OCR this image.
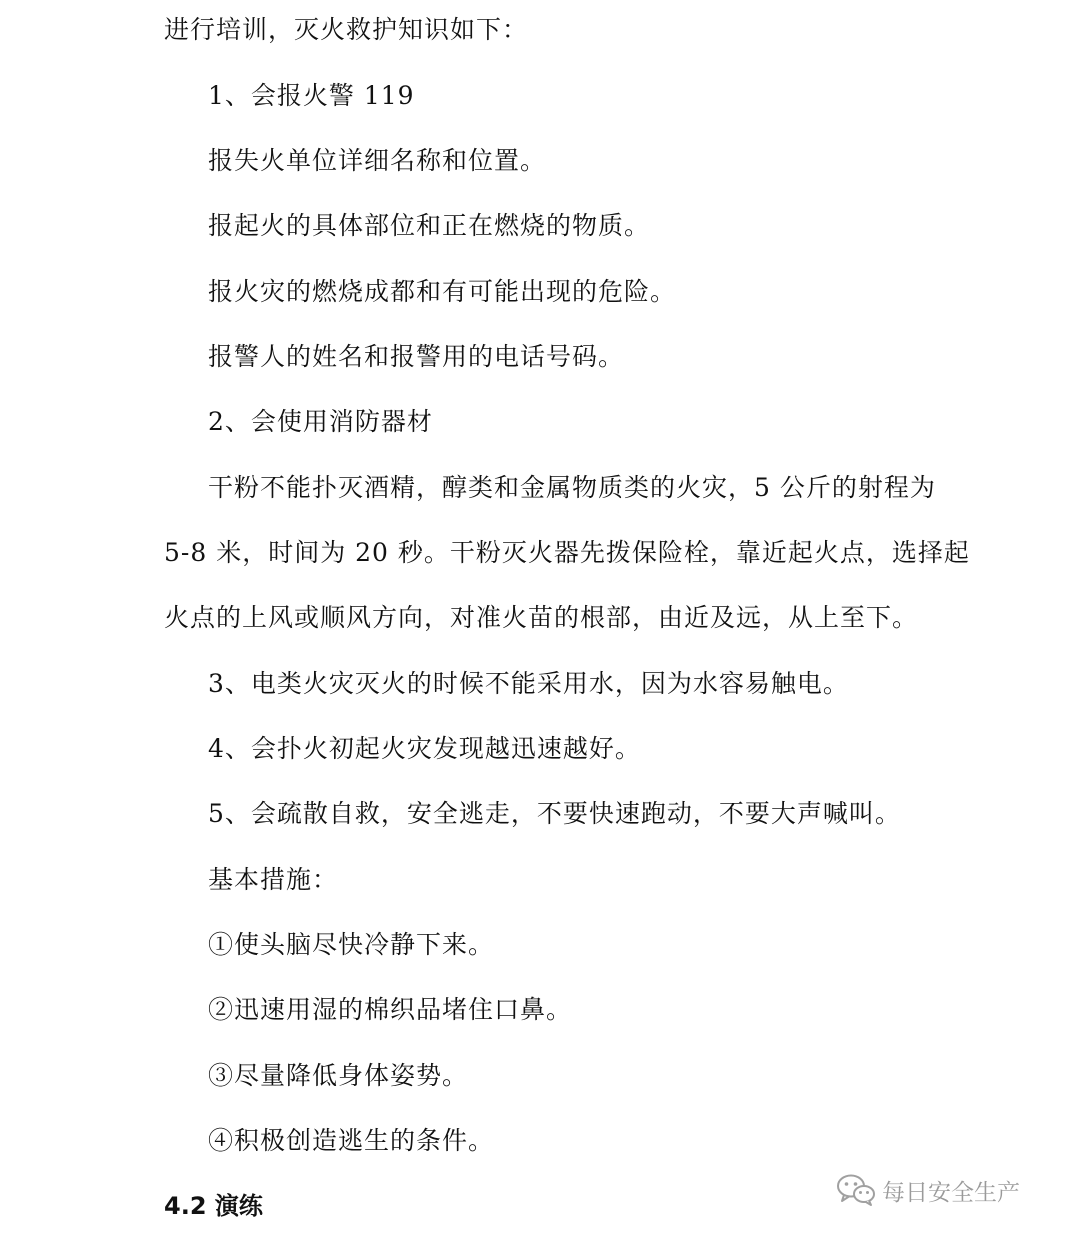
进行培训，灭火救护知识如下：
1、会报火警 119
报失火单位详细名称和位置。
报起火的具体部位和正在燃烧的物质。
报火灾的燃烧成都和有可能出现的危险。
报警人的姓名和报警用的电话号码。
2、会使用消防器材
干粉不能扑灭酒精，醇类和金属物质类的火灾，5 公斤的射程为
5-8 米，时间为 20 秒。干粉灭火器先拨保险栓，靠近起火点，选择起
火点的上风或顺风方向，对准火苗的根部，由近及远，从上至下。
3、电类火灾灭火的时候不能采用水，因为水容易触电。
4、会扑火初起火灾发现越迅速越好。
5、会疏散自救，安全逃走，不要快速跑动，不要大声喊叫。
基本措施：
①使头脑尽快冷静下来。
②迅速用湿的棉织品堵住口鼻。
③尽量降低身体姿势。
④积极创造逃生的条件。
4.2 演练	每日安全生产
